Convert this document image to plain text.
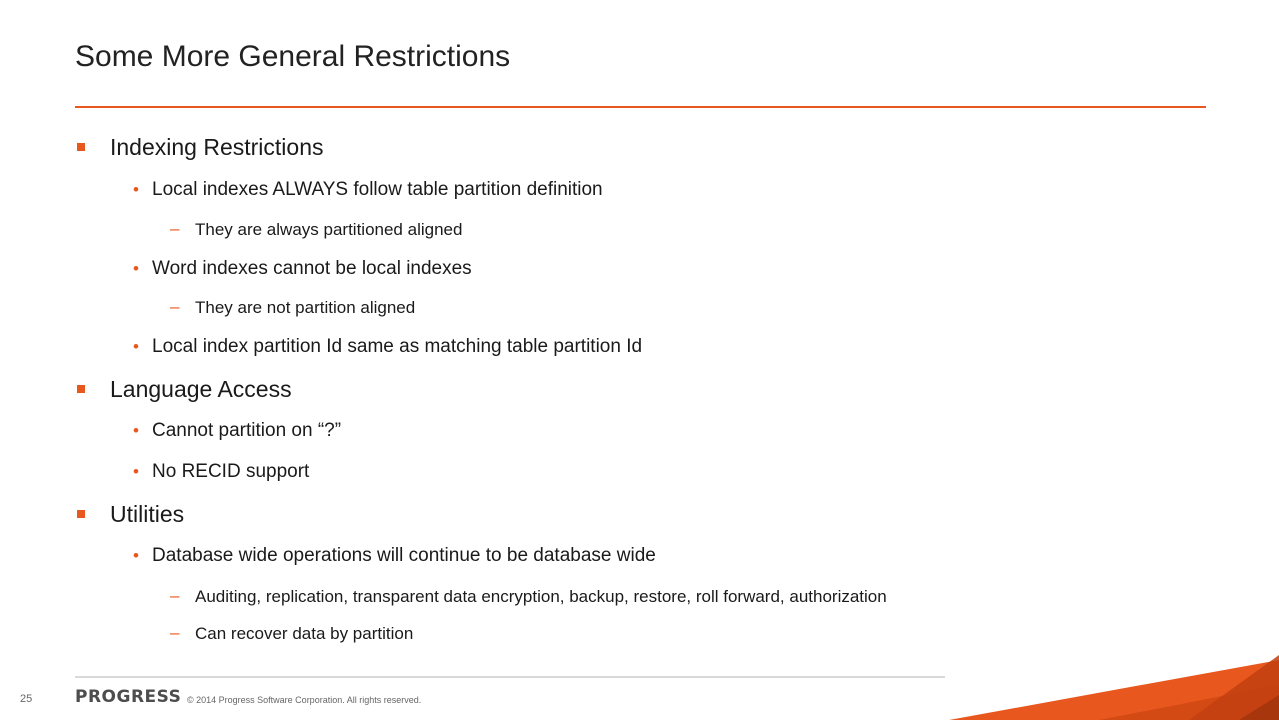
Some More General Restrictions
Indexing Restrictions
• Local indexes ALWAYS follow table partition definition
– They are always partitioned aligned
• Word indexes cannot be local indexes
– They are not partition aligned
• Local index partition Id same as matching table partition Id
Language Access
• Cannot partition on “?”
• No RECID support
Utilities
• Database wide operations will continue to be database wide
– Auditing, replication, transparent data encryption, backup, restore, roll forward, authorization
– Can recover data by partition
25	PROGRESS © 2014 Progress Software Corporation. All rights reserved.
